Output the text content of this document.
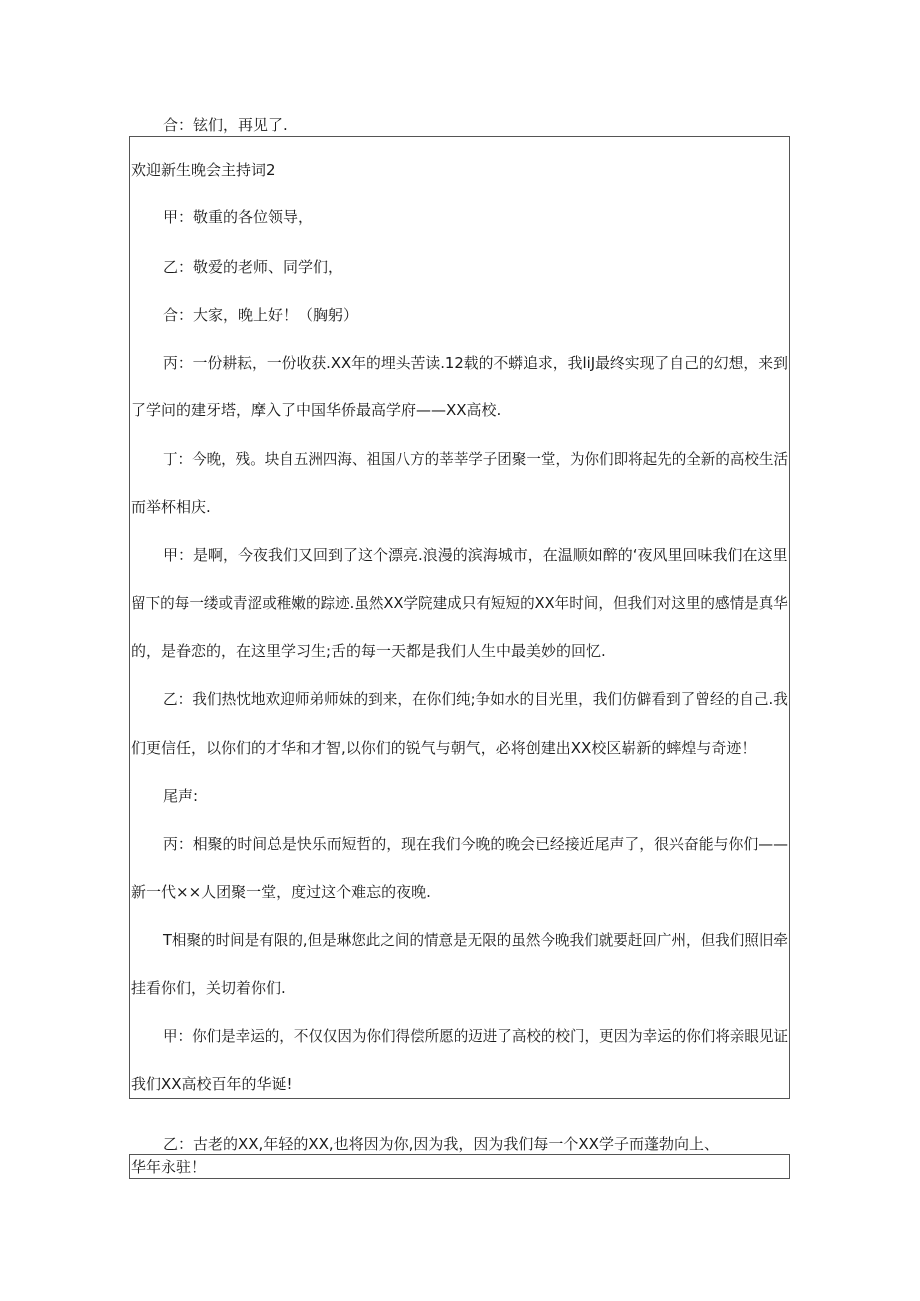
合：铉们，再见了.
欢迎新生晚会主持词2
甲：敬重的各位领导，
乙：敬爱的老师、同学们，
合：大家，晚上好！（胸躬）
丙：一份耕耘，一份收获.XX年的埋头苦读.12载的不蟒追求，我liJ最终实现了自己的幻想，来到
了学问的建牙塔，摩入了中国华侨最高学府——XX高校.
丁：今晚，残。块自五洲四海、祖国八方的莘莘学子团聚一堂，为你们即将起先的全新的高校生活
而举杯相庆.
甲：是啊，今夜我们又回到了这个漂亮.浪漫的滨海城市，在温顺如醉的‘夜风里回味我们在这里
留下的每一缕或青涩或稚嫩的踪迹.虽然XX学院建成只有短短的XX年时间，但我们对这里的感情是真华
的，是眷恋的，在这里学习生;舌的每一天都是我们人生中最美妙的回忆.
乙：我们热忱地欢迎师弟师妹的到来，在你们纯;争如水的目光里，我们仿僻看到了曾经的自己.我
们更信任，以你们的才华和才智,以你们的锐气与朝气，必将创建出XX校区崭新的蟀煌与奇迹！
尾声:
丙：相聚的时间总是快乐而短哲的，现在我们今晚的晚会已经接近尾声了，很兴奋能与你们——
新一代××人团聚一堂，度过这个难忘的夜晚.
T相聚的时间是有限的,但是琳您此之间的情意是无限的虽然今晚我们就要赶回广州，但我们照旧牵
挂看你们，关切着你们.
甲：你们是幸运的，不仅仅因为你们得偿所愿的迈进了高校的校门，更因为幸运的你们将亲眼见证
我们XX高校百年的华诞!
乙：古老的XX,年轻的XX,也将因为你,因为我，因为我们每一个XX学子而蓬勃向上、
华年永驻！
